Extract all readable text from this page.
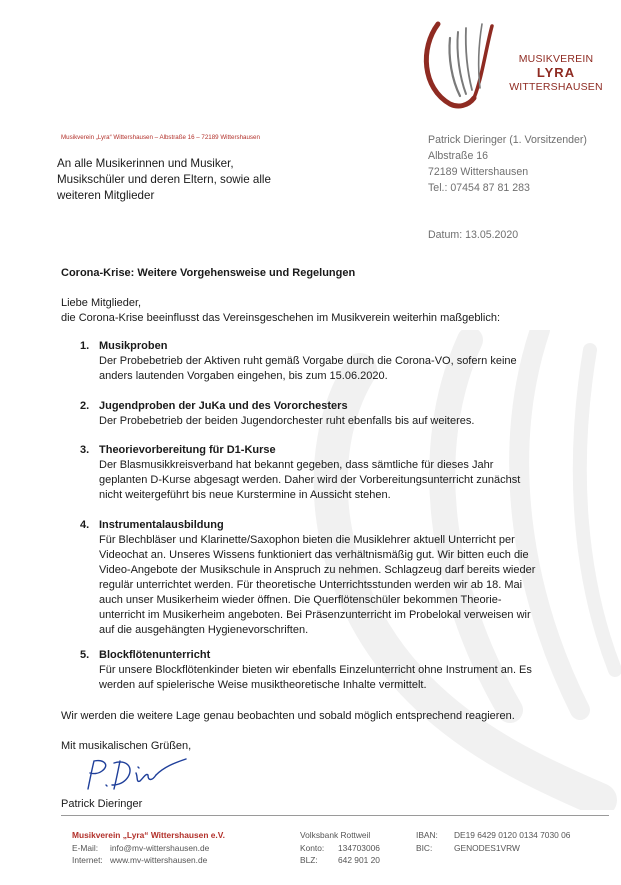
MUSIKVEREIN
LYRA
WITTERSHAUSEN
Musikverein „Lyra“ Wittershausen – Albstraße 16 – 72189 Wittershausen
An alle Musikerinnen und Musiker,
Musikschüler und deren Eltern, sowie alle
weiteren Mitglieder
Patrick Dieringer (1. Vorsitzender)
Albstraße 16
72189 Wittershausen
Tel.: 07454 87 81 283
Datum: 13.05.2020
Corona-Krise: Weitere Vorgehensweise und Regelungen
Liebe Mitglieder,
die Corona-Krise beeinflusst das Vereinsgeschehen im Musikverein weiterhin maßgeblich:
1. Musikproben
Der Probebetrieb der Aktiven ruht gemäß Vorgabe durch die Corona-VO, sofern keine
anders lautenden Vorgaben eingehen, bis zum 15.06.2020.
2. Jugendproben der JuKa und des Vororchesters
Der Probebetrieb der beiden Jugendorchester ruht ebenfalls bis auf weiteres.
3. Theorievorbereitung für D1-Kurse
Der Blasmusikkreisverband hat bekannt gegeben, dass sämtliche für dieses Jahr
geplanten D-Kurse abgesagt werden. Daher wird der Vorbereitungsunterricht zunächst
nicht weitergeführt bis neue Kurstermine in Aussicht stehen.
4. Instrumentalausbildung
Für Blechbläser und Klarinette/Saxophon bieten die Musiklehrer aktuell Unterricht per
Videochat an. Unseres Wissens funktioniert das verhältnismäßig gut. Wir bitten euch die
Video-Angebote der Musikschule in Anspruch zu nehmen. Schlagzeug darf bereits wieder
regulär unterrichtet werden. Für theoretische Unterrichtsstunden werden wir ab 18. Mai
auch unser Musikerheim wieder öffnen. Die Querflötenschüler bekommen Theorie-
unterricht im Musikerheim angeboten. Bei Präsenzunterricht im Probelokal verweisen wir
auf die ausgehängten Hygienevorschriften.
5. Blockflötenunterricht
Für unsere Blockflötenkinder bieten wir ebenfalls Einzelunterricht ohne Instrument an. Es
werden auf spielerische Weise musiktheoretische Inhalte vermittelt.
Wir werden die weitere Lage genau beobachten und sobald möglich entsprechend reagieren.
Mit musikalischen Grüßen,
Patrick Dieringer
Musikverein „Lyra“ Wittershausen e.V.
E-Mail: info@mv-wittershausen.de
Internet: www.mv-wittershausen.de
Volksbank Rottweil
Konto: 134703006
BLZ: 642 901 20
IBAN: DE19 6429 0120 0134 7030 06
BIC:	GENODES1VRW
